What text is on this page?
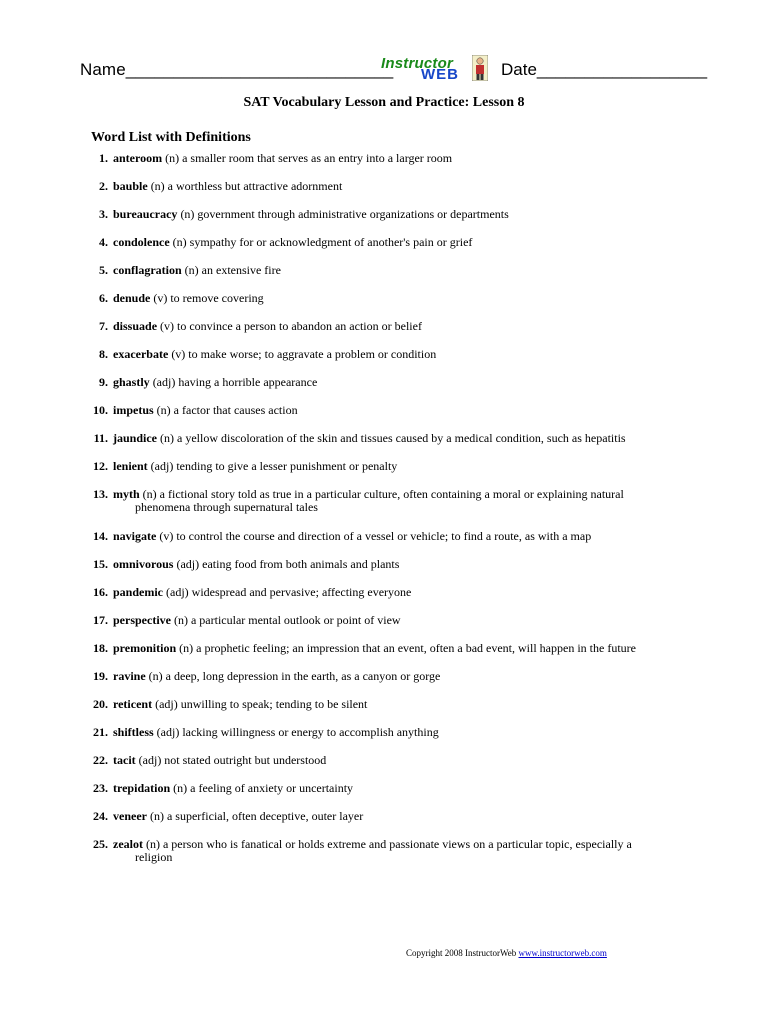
Name____________________________
Instructor
WEB Date__________________
SAT Vocabulary Lesson and Practice: Lesson 8
Word List with Definitions
1. anteroom (n) a smaller room that serves as an entry into a larger room
2. bauble (n) a worthless but attractive adornment
3. bureaucracy (n) government through administrative organizations or departments
4. condolence (n) sympathy for or acknowledgment of another's pain or grief
5. conflagration (n) an extensive fire
6. denude (v) to remove covering
7. dissuade (v) to convince a person to abandon an action or belief
8. exacerbate (v) to make worse; to aggravate a problem or condition
9. ghastly (adj) having a horrible appearance
10. impetus (n) a factor that causes action
11. jaundice (n) a yellow discoloration of the skin and tissues caused by a medical condition, such as hepatitis
12. lenient (adj) tending to give a lesser punishment or penalty
13. myth (n) a fictional story told as true in a particular culture, often containing a moral or explaining natural
phenomena through supernatural tales
14. navigate (v) to control the course and direction of a vessel or vehicle; to find a route, as with a map
15. omnivorous (adj) eating food from both animals and plants
16. pandemic (adj) widespread and pervasive; affecting everyone
17. perspective (n) a particular mental outlook or point of view
18. premonition (n) a prophetic feeling; an impression that an event, often a bad event, will happen in the future
19. ravine (n) a deep, long depression in the earth, as a canyon or gorge
20. reticent (adj) unwilling to speak; tending to be silent
21. shiftless (adj) lacking willingness or energy to accomplish anything
22. tacit (adj) not stated outright but understood
23. trepidation (n) a feeling of anxiety or uncertainty
24. veneer (n) a superficial, often deceptive, outer layer
25. zealot (n) a person who is fanatical or holds extreme and passionate views on a particular topic, especially a
religion
Copyright 2008 InstructorWeb www.instructorweb.com
